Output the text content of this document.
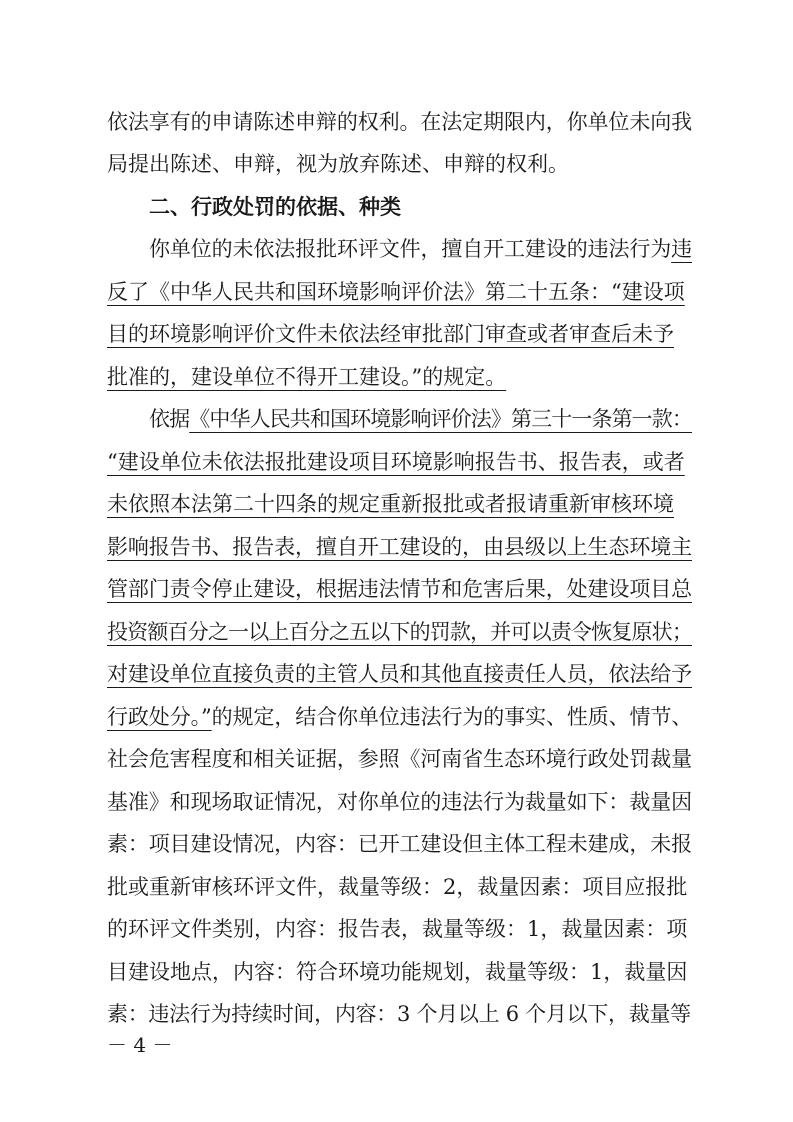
依法享有的申请陈述申辩的权利。在法定期限内，你单位未向我
局提出陈述、申辩，视为放弃陈述、申辩的权利。
二、行政处罚的依据、种类
你单位的未依法报批环评文件，擅自开工建设的违法行为违
反了《中华人民共和国环境影响评价法》第二十五条：“建设项
目的环境影响评价文件未依法经审批部门审查或者审查后未予
批准的，建设单位不得开工建设。”的规定。
依据《中华人民共和国环境影响评价法》第三十一条第一款：
“建设单位未依法报批建设项目环境影响报告书、报告表，或者
未依照本法第二十四条的规定重新报批或者报请重新审核环境
影响报告书、报告表，擅自开工建设的，由县级以上生态环境主
管部门责令停止建设，根据违法情节和危害后果，处建设项目总
投资额百分之一以上百分之五以下的罚款，并可以责令恢复原状；
对建设单位直接负责的主管人员和其他直接责任人员，依法给予
行政处分。”的规定，结合你单位违法行为的事实、性质、情节、
社会危害程度和相关证据，参照《河南省生态环境行政处罚裁量
基准》和现场取证情况，对你单位的违法行为裁量如下：裁量因
素：项目建设情况，内容：已开工建设但主体工程未建成，未报
批或重新审核环评文件，裁量等级：2，裁量因素：项目应报批
的环评文件类别，内容：报告表，裁量等级：1，裁量因素：项
目建设地点，内容：符合环境功能规划，裁量等级：1，裁量因
素：违法行为持续时间，内容：3 个月以上 6 个月以下，裁量等
－ 4 －
